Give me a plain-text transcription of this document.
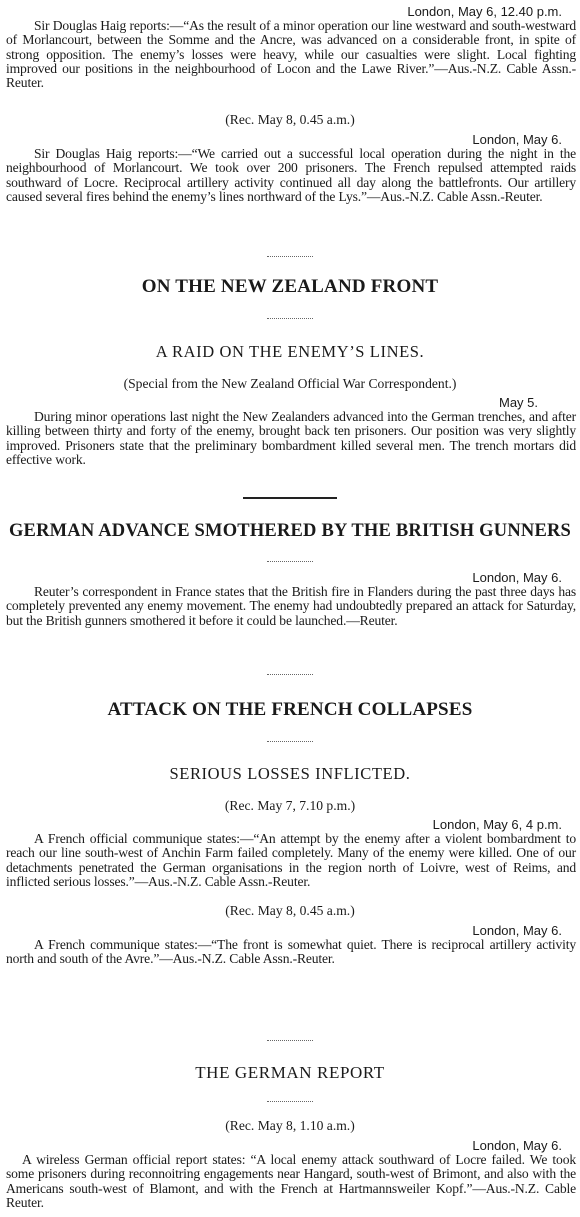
London, May 6, 12.40 p.m.
Sir Douglas Haig reports:—“As the result of a minor operation our line westward and south-westward of Morlancourt, between the Somme and the Ancre, was advanced on a considerable front, in spite of strong opposition. The enemy’s losses were heavy, while our casualties were slight. Local fighting improved our positions in the neighbourhood of Locon and the Lawe River.”—Aus.-N.Z. Cable Assn.-Reuter.
(Rec. May 8, 0.45 a.m.)
London, May 6.
Sir Douglas Haig reports:—“We carried out a successful local operation during the night in the neighbourhood of Morlancourt. We took over 200 prisoners. The French repulsed attempted raids southward of Locre. Reciprocal artillery activity continued all day along the battlefronts. Our artillery caused several fires behind the enemy’s lines northward of the Lys.”—Aus.-N.Z. Cable Assn.-Reuter.
ON THE NEW ZEALAND FRONT
A RAID ON THE ENEMY’S LINES.
(Special from the New Zealand Official War Correspondent.)
May 5.
During minor operations last night the New Zealanders advanced into the German trenches, and after killing between thirty and forty of the enemy, brought back ten prisoners. Our position was very slightly improved. Prisoners state that the preliminary bombardment killed several men. The trench mortars did effective work.
GERMAN ADVANCE SMOTHERED BY THE BRITISH GUNNERS
London, May 6.
Reuter’s correspondent in France states that the British fire in Flanders during the past three days has completely prevented any enemy movement. The enemy had undoubtedly prepared an attack for Saturday, but the British gunners smothered it before it could be launched.—Reuter.
ATTACK ON THE FRENCH COLLAPSES
SERIOUS LOSSES INFLICTED.
(Rec. May 7, 7.10 p.m.)
London, May 6, 4 p.m.
A French official communique states:—“An attempt by the enemy after a violent bombardment to reach our line south-west of Anchin Farm failed completely. Many of the enemy were killed. One of our detachments penetrated the German organisations in the region north of Loivre, west of Reims, and inflicted serious losses.”—Aus.-N.Z. Cable Assn.-Reuter.
(Rec. May 8, 0.45 a.m.)
London, May 6.
A French communique states:—“The front is somewhat quiet. There is reciprocal artillery activity north and south of the Avre.”—Aus.-N.Z. Cable Assn.-Reuter.
THE GERMAN REPORT
(Rec. May 8, 1.10 a.m.)
London, May 6.
A wireless German official report states: “A local enemy attack southward of Locre failed. We took some prisoners during reconnoitring engagements near Hangard, south-west of Brimont, and also with the Americans south-west of Blamont, and with the French at Hartmannsweiler Kopf.”—Aus.-N.Z. Cable Reuter.
